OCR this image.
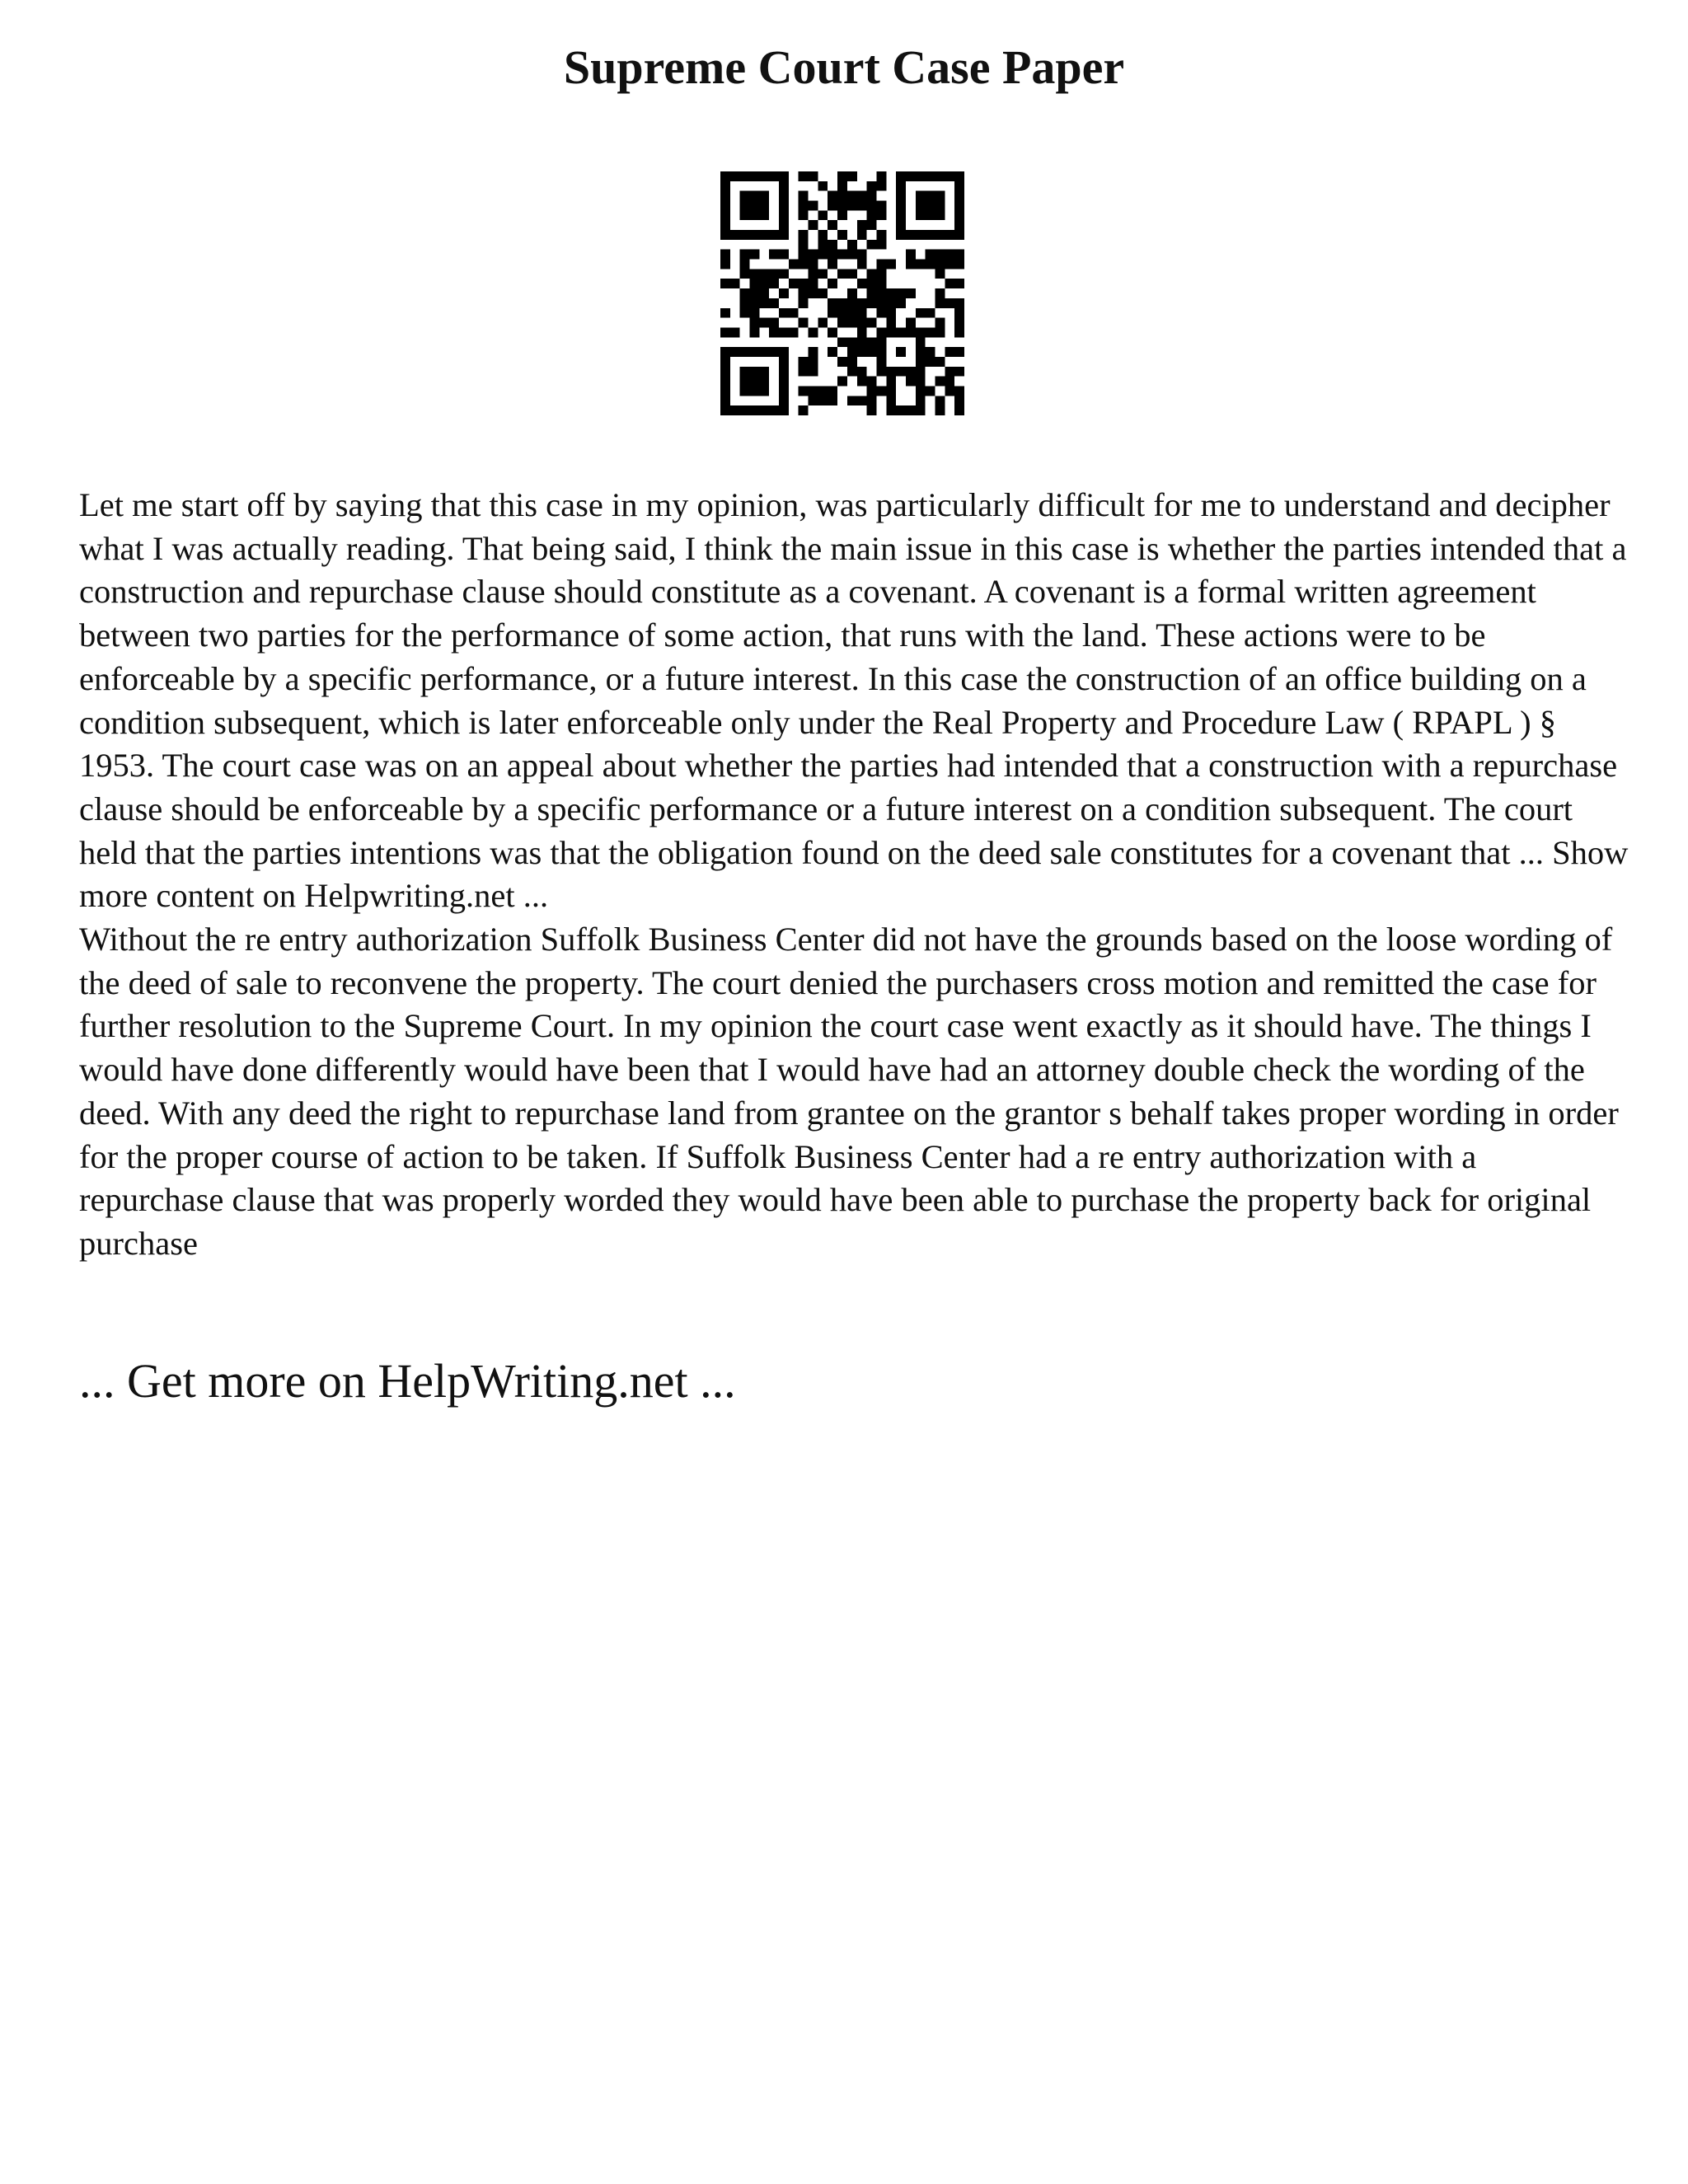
Supreme Court Case Paper

Let me start off by saying that this case in my opinion, was particularly difficult for me to understand and decipher what I was actually reading. That being said, I think the main issue in this case is whether the parties intended that a construction and repurchase clause should constitute as a covenant. A covenant is a formal written agreement between two parties for the performance of some action, that runs with the land. These actions were to be enforceable by a specific performance, or a future interest. In this case the construction of an office building on a condition subsequent, which is later enforceable only under the Real Property and Procedure Law ( RPAPL ) § 1953. The court case was on an appeal about whether the parties had intended that a construction with a repurchase clause should be enforceable by a specific performance or a future interest on a condition subsequent. The court held that the parties intentions was that the obligation found on the deed sale constitutes for a covenant that ... Show more content on Helpwriting.net ...

Without the re entry authorization Suffolk Business Center did not have the grounds based on the loose wording of the deed of sale to reconvene the property. The court denied the purchasers cross motion and remitted the case for further resolution to the Supreme Court. In my opinion the court case went exactly as it should have. The things I would have done differently would have been that I would have had an attorney double check the wording of the deed. With any deed the right to repurchase land from grantee on the grantor s behalf takes proper wording in order for the proper course of action to be taken. If Suffolk Business Center had a re entry authorization with a repurchase clause that was properly worded they would have been able to purchase the property back for original purchase

... Get more on HelpWriting.net ...
